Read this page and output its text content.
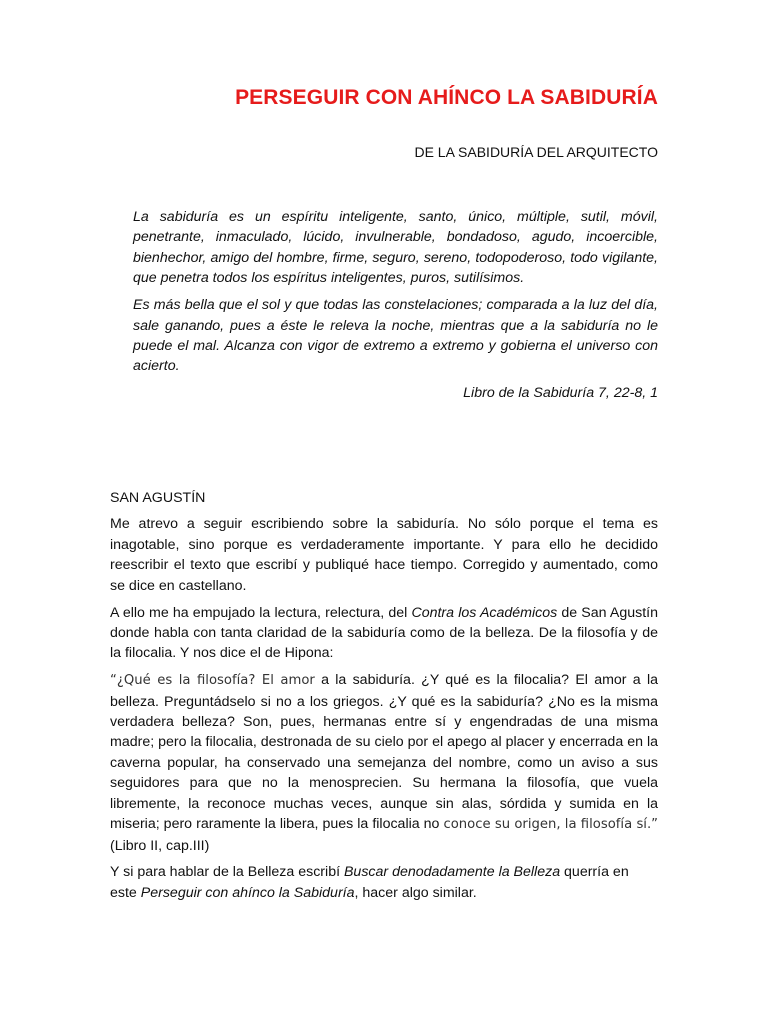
PERSEGUIR CON AHÍNCO LA SABIDURÍA
DE LA SABIDURÍA DEL ARQUITECTO

La sabiduría es un espíritu inteligente, santo, único, múltiple, sutil, móvil, penetrante, inmaculado, lúcido, invulnerable, bondadoso, agudo, incoercible, bienhechor, amigo del hombre, firme, seguro, sereno, todopoderoso, todo vigilante, que penetra todos los espíritus inteligentes, puros, sutilísimos.

Es más bella que el sol y que todas las constelaciones; comparada a la luz del día, sale ganando, pues a éste le releva la noche, mientras que a la sabiduría no le puede el mal. Alcanza con vigor de extremo a extremo y gobierna el universo con acierto.

Libro de la Sabiduría 7, 22-8, 1
SAN AGUSTÍN

Me atrevo a seguir escribiendo sobre la sabiduría. No sólo porque el tema es inagotable, sino porque es verdaderamente importante. Y para ello he decidido reescribir el texto que escribí y publiqué hace tiempo. Corregido y aumentado, como se dice en castellano.

A ello me ha empujado la lectura, relectura, del Contra los Académicos de San Agustín donde habla con tanta claridad de la sabiduría como de la belleza. De la filosofía y de la filocalia. Y nos dice el de Hipona:

“¿Qué es la filosofía? El amor a la sabiduría. ¿Y qué es la filocalia? El amor a la belleza. Preguntádselo si no a los griegos. ¿Y qué es la sabiduría? ¿No es la misma verdadera belleza? Son, pues, hermanas entre sí y engendradas de una misma madre; pero la filocalia, destronada de su cielo por el apego al placer y encerrada en la caverna popular, ha conservado una semejanza del nombre, como un aviso a sus seguidores para que no la menosprecien. Su hermana la filosofía, que vuela libremente, la reconoce muchas veces, aunque sin alas, sórdida y sumida en la miseria; pero raramente la libera, pues la filocalia no conoce su origen, la filosofía sí.” (Libro II, cap.III)

Y si para hablar de la Belleza escribí Buscar denodadamente la Belleza querría en este Perseguir con ahínco la Sabiduría, hacer algo similar.
